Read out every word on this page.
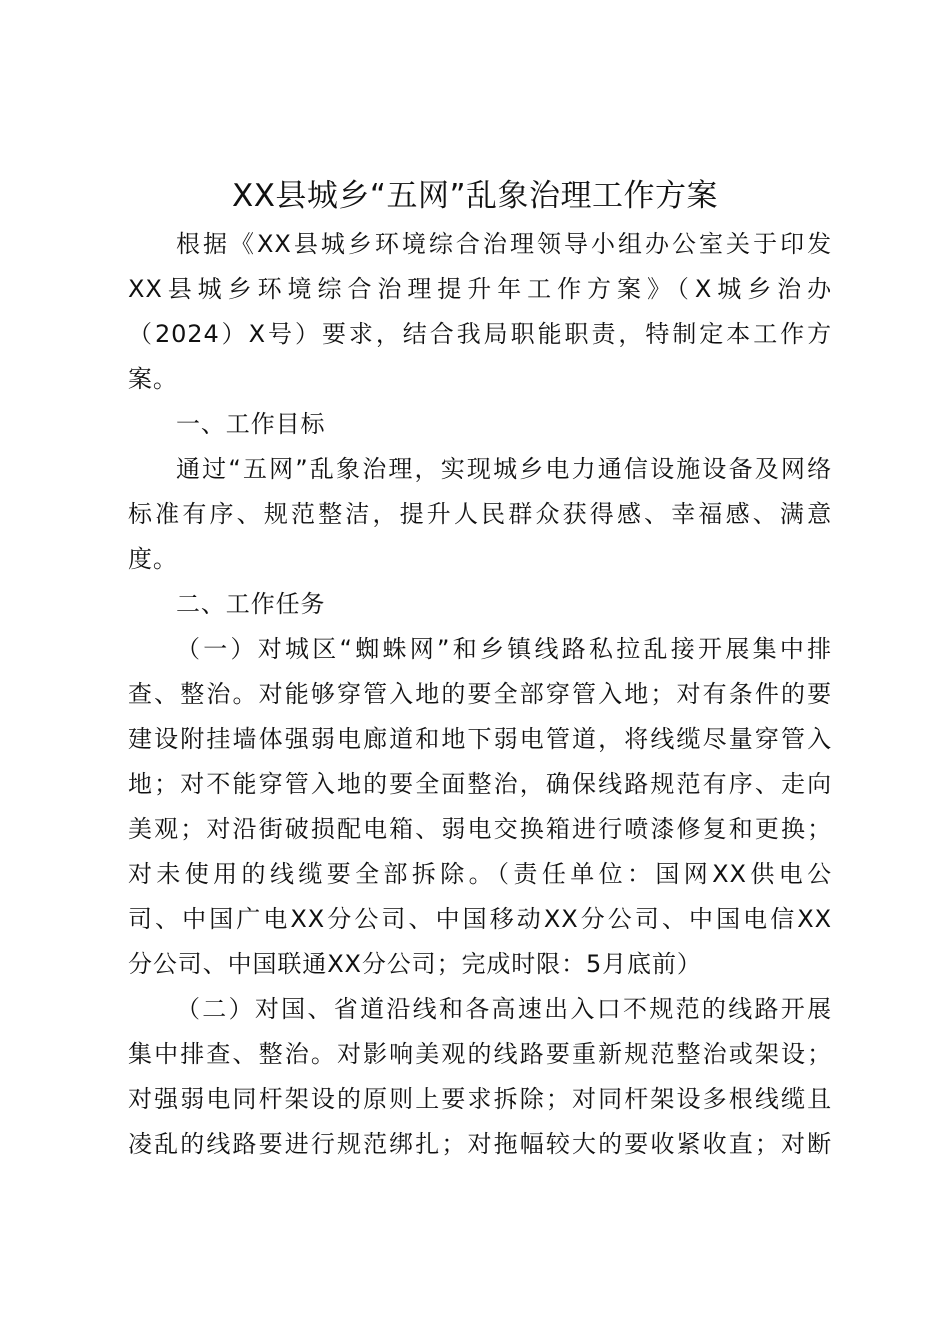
XX县城乡“五网”乱象治理工作方案
根据《XX县城乡环境综合治理领导小组办公室关于印发
XX县城乡环境综合治理提升年工作方案》（X城乡治办
（2024）X号）要求，结合我局职能职责，特制定本工作方
案。
一、工作目标
通过“五网”乱象治理，实现城乡电力通信设施设备及网络
标准有序、规范整洁，提升人民群众获得感、幸福感、满意
度。
二、工作任务
（一）对城区“蜘蛛网”和乡镇线路私拉乱接开展集中排
查、整治。对能够穿管入地的要全部穿管入地；对有条件的要
建设附挂墙体强弱电廊道和地下弱电管道，将线缆尽量穿管入
地；对不能穿管入地的要全面整治，确保线路规范有序、走向
美观；对沿街破损配电箱、弱电交换箱进行喷漆修复和更换；
对未使用的线缆要全部拆除。（责任单位：国网XX供电公
司、中国广电XX分公司、中国移动XX分公司、中国电信XX
分公司、中国联通XX分公司；完成时限：5月底前）
（二）对国、省道沿线和各高速出入口不规范的线路开展
集中排查、整治。对影响美观的线路要重新规范整治或架设；
对强弱电同杆架设的原则上要求拆除；对同杆架设多根线缆且
凌乱的线路要进行规范绑扎；对拖幅较大的要收紧收直；对断
